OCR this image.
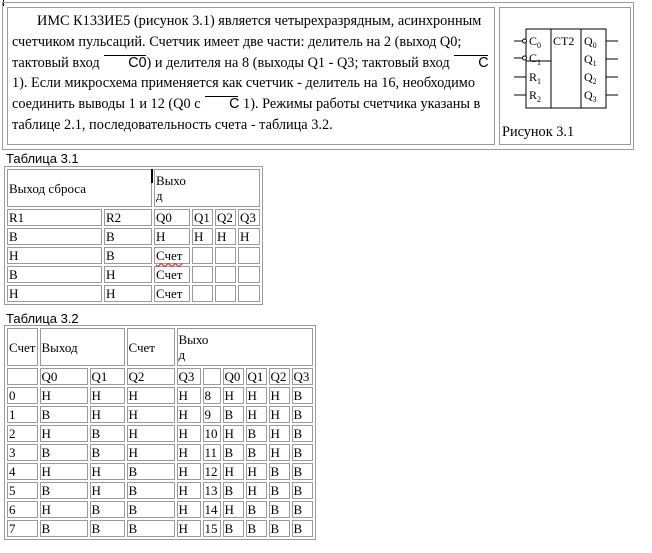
ИМС К133ИЕ5 (рисунок 3.1) является четырехразрядным, асинхронным счетчиком пульсаций. Счетчик имеет две части: делитель на 2 (выход Q0; тактовый вход C0) и делителя на 8 (выходы Q1 - Q3; тактовый вход C 1). Если микросхема применяется как счетчик - делитель на 16, необходимо соединить выводы 1 и 12 (Q0 с C 1). Режимы работы счетчика указаны в таблице 2.1, последовательность счета - таблица 3.2.

CT2
$C_0$
$C_1$
$R_1$
$R_2$
$Q_0$
$Q_1$
$Q_2$
$Q_3$
Рисунок 3.1
Таблица 3.1
Выход сброса		Выхо
д			
R1	R2	Q0	Q1	Q2	Q3
В	В	Н	Н	Н	Н
Н	В	Счет			
В	Н	Счет			
Н	Н	Счет			
Таблица 3.2
Счет	Выход		Счет	Выхо
д					
	Q0	Q1	Q2	Q3		Q0	Q1	Q2	Q3
0	Н	Н	Н	Н	8	Н	Н	Н	В
1	В	Н	Н	Н	9	В	Н	Н	В
2	Н	В	Н	Н	10	Н	В	Н	В
3	В	В	Н	Н	11	В	В	Н	В
4	Н	Н	В	Н	12	Н	Н	В	В
5	В	Н	В	Н	13	В	Н	В	В
6	Н	В	В	Н	14	Н	В	В	В
7	В	В	В	Н	15	В	В	В	В
